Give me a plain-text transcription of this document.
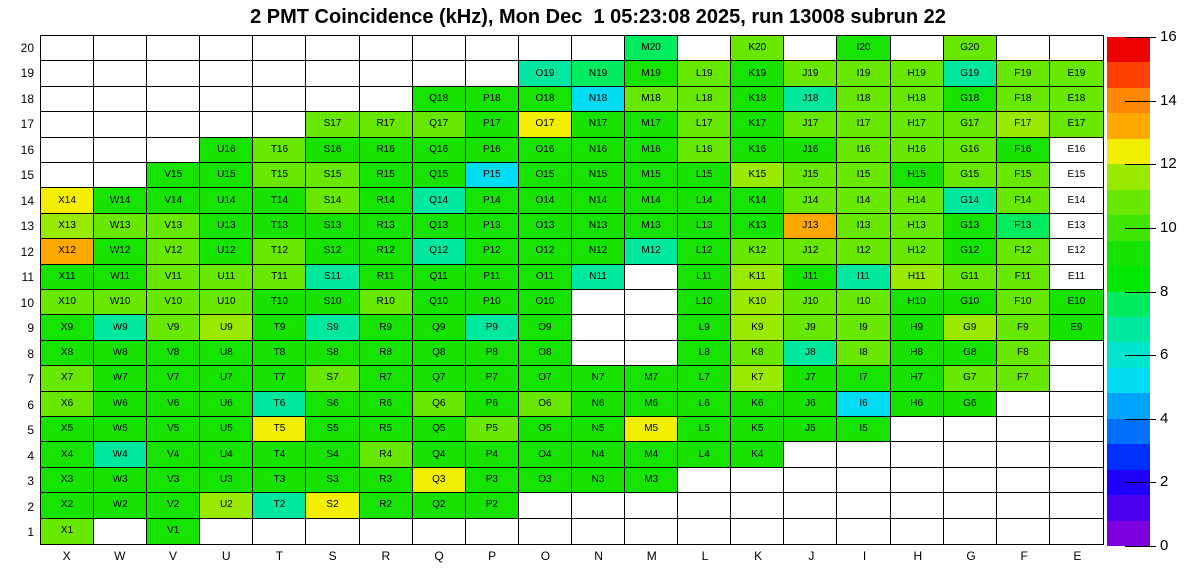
2 PMT Coincidence (kHz), Mon Dec  1 05:23:08 2025, run 13008 subrun 22
M20	K20	I20	G20
O19	N19	M19	L19	K19	J19	I19	H19	G19	F19	E19
Q18	P18	O18	N18	M18	L18	K18	J18	I18	H18	G18	F18	E18
S17	R17	Q17	P17	O17	N17	M17	L17	K17	J17	I17	H17	G17	F17	E17
U16	T16	S16	R16	Q16	P16	O16	N16	M16	L16	K16	J16	I16	H16	G16	F16	E16
V15	U15	T15	S15	R15	Q15	P15	O15	N15	M15	L15	K15	J15	I15	H15	G15	F15	E15
X14	W14	V14	U14	T14	S14	R14	Q14	P14	O14	N14	M14	L14	K14	J14	I14	H14	G14	F14	E14
X13	W13	V13	U13	T13	S13	R13	Q13	P13	O13	N13	M13	L13	K13	J13	I13	H13	G13	F13	E13
X12	W12	V12	U12	T12	S12	R12	Q12	P12	O12	N12	M12	L12	K12	J12	I12	H12	G12	F12	E12
X11	W11	V11	U11	T11	S11	R11	Q11	P11	O11	N11	L11	K11	J11	I11	H11	G11	F11	E11
X10	W10	V10	U10	T10	S10	R10	Q10	P10	O10	L10	K10	J10	I10	H10	G10	F10	E10
X9	W9	V9	U9	T9	S9	R9	Q9	P9	O9	L9	K9	J9	I9	H9	G9	F9	E9
X8	W8	V8	U8	T8	S8	R8	Q8	P8	O8	L8	K8	J8	I8	H8	G8	F8
X7	W7	V7	U7	T7	S7	R7	Q7	P7	O7	N7	M7	L7	K7	J7	I7	H7	G7	F7
X6	W6	V6	U6	T6	S6	R6	Q6	P6	O6	N6	M6	L6	K6	J6	I6	H6	G6
X5	W5	V5	U5	T5	S5	R5	Q5	P5	O5	N5	M5	L5	K5	J5	I5
X4	W4	V4	U4	T4	S4	R4	Q4	P4	O4	N4	M4	L4	K4
X3	W3	V3	U3	T3	S3	R3	Q3	P3	O3	N3	M3
X2	W2	V2	U2	T2	S2	R2	Q2	P2
X1	V1
20
19
18
17
16
15
14
13
12
11
10
9
8
7
6
5
4
3
2
1
X	W	V	U	T	S	R	Q	P	O	N	M	L	K	J	I	H	G	F	E
16
14
12
10
8
6
4
2
0
